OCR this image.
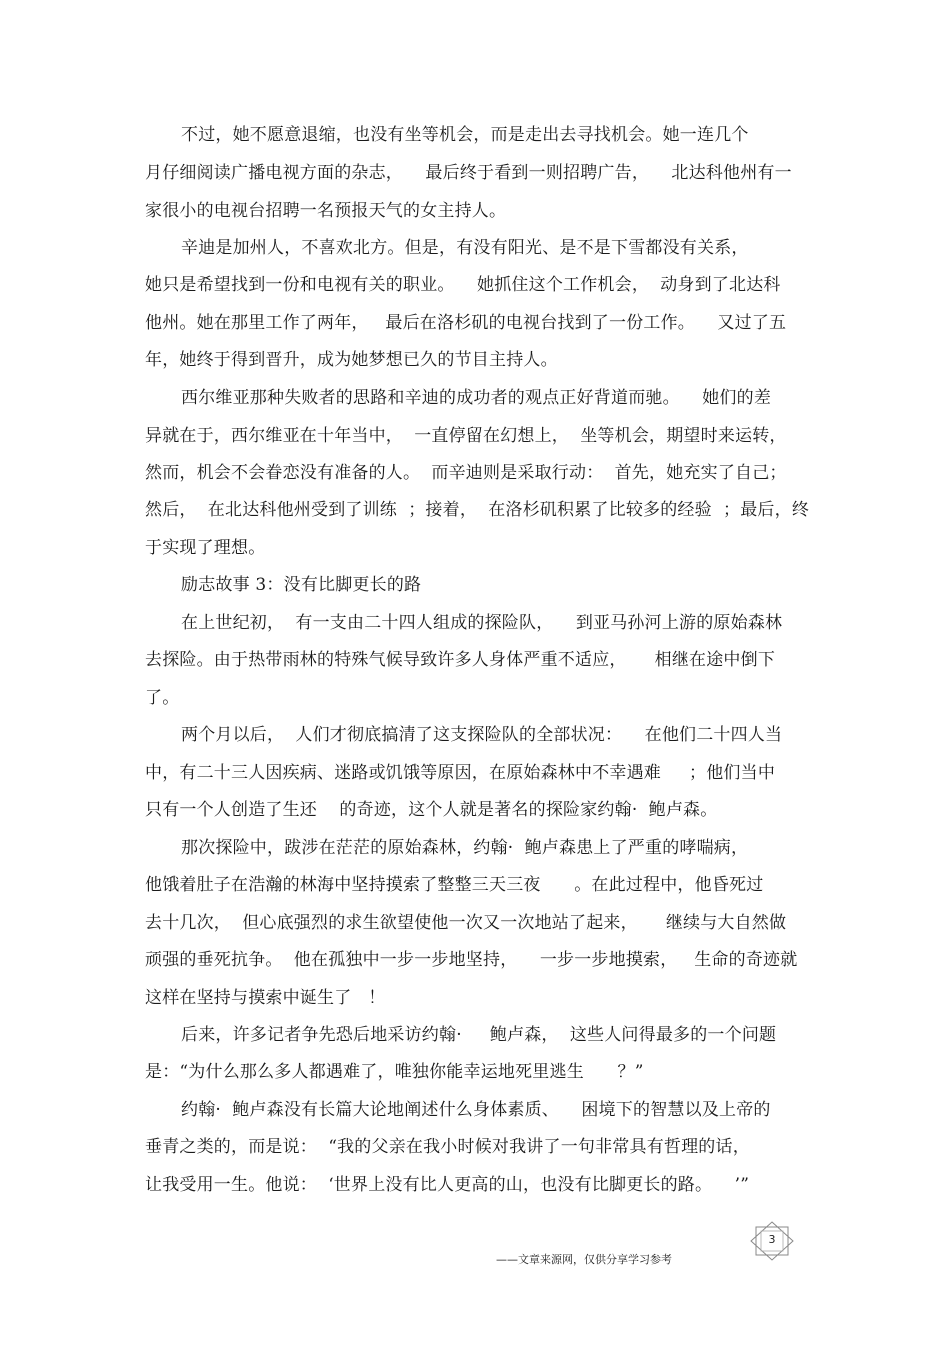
不过，她不愿意退缩，也没有坐等机会，而是走出去寻找机会。她一连几个
月仔细阅读广播电视方面的杂志，    最后终于看到一则招聘广告，    北达科他州有一
家很小的电视台招聘一名预报天气的女主持人。
辛迪是加州人，不喜欢北方。但是，有没有阳光、是不是下雪都没有关系，
她只是希望找到一份和电视有关的职业。    她抓住这个工作机会，  动身到了北达科
他州。她在那里工作了两年，   最后在洛杉矶的电视台找到了一份工作。    又过了五
年，她终于得到晋升，成为她梦想已久的节目主持人。
西尔维亚那种失败者的思路和辛迪的成功者的观点正好背道而驰。    她们的差
异就在于，西尔维亚在十年当中，  一直停留在幻想上，  坐等机会，期望时来运转，
然而，机会不会眷恋没有准备的人。  而辛迪则是采取行动：  首先，她充实了自己；
然后，  在北达科他州受到了训练  ；接着，  在洛杉矶积累了比较多的经验  ；最后，终
于实现了理想。
励志故事 3：没有比脚更长的路
在上世纪初，  有一支由二十四人组成的探险队，    到亚马孙河上游的原始森林
去探险。由于热带雨林的特殊气候导致许多人身体严重不适应，     相继在途中倒下
了。
两个月以后，  人们才彻底搞清了这支探险队的全部状况：    在他们二十四人当
中，有二十三人因疾病、迷路或饥饿等原因，在原始森林中不幸遇难     ；他们当中
只有一个人创造了生还    的奇迹，这个人就是著名的探险家约翰·  鲍卢森。
那次探险中，跋涉在茫茫的原始森林，约翰·  鲍卢森患上了严重的哮喘病，
他饿着肚子在浩瀚的林海中坚持摸索了整整三天三夜      。在此过程中，他昏死过
去十几次，  但心底强烈的求生欲望使他一次又一次地站了起来，     继续与大自然做
顽强的垂死抗争。  他在孤独中一步一步地坚持，    一步一步地摸索，   生命的奇迹就
这样在坚持与摸索中诞生了   ！
后来，许多记者争先恐后地采访约翰·     鲍卢森，  这些人问得最多的一个问题
是：“为什么那么多人都遇难了，唯独你能幸运地死里逃生      ？”
约翰·  鲍卢森没有长篇大论地阐述什么身体素质、    困境下的智慧以及上帝的
垂青之类的，而是说：  “我的父亲在我小时候对我讲了一句非常具有哲理的话，
让我受用一生。他说：  ‘世界上没有比人更高的山，也没有比脚更长的路。    ’”
3
——文章来源网，仅供分享学习参考
